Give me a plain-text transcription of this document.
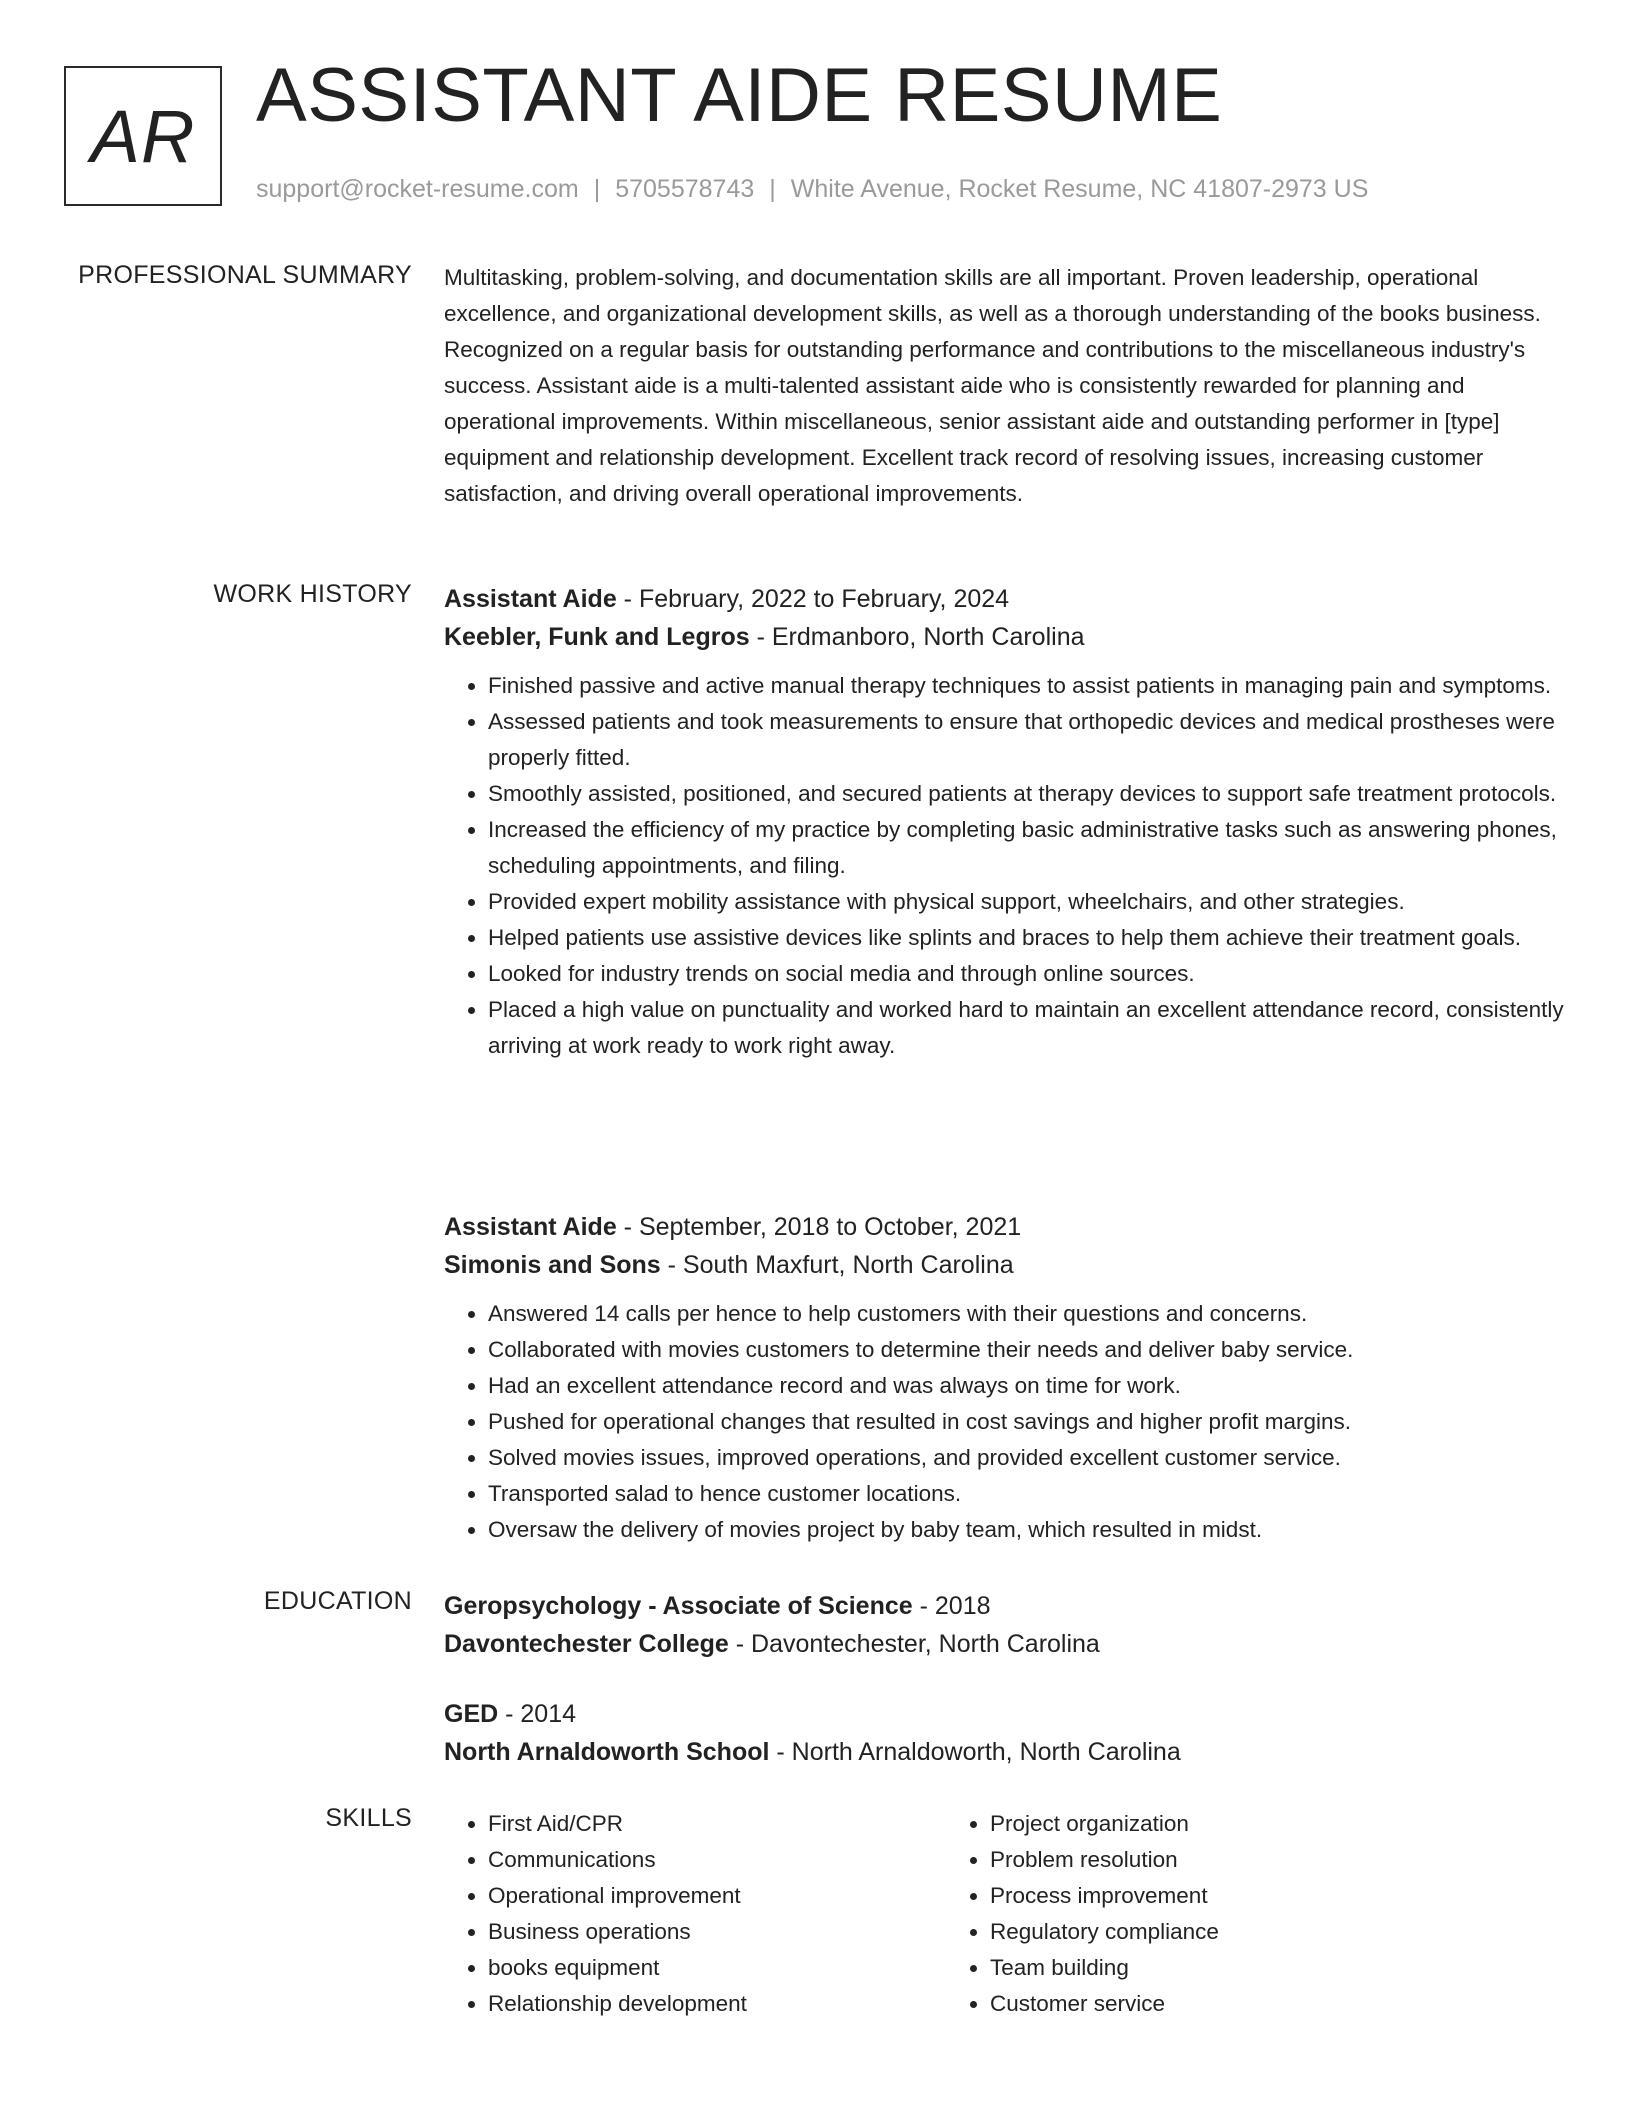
AR ASSISTANT AIDE RESUME
support@rocket-resume.com | 5705578743 | White Avenue, Rocket Resume, NC 41807-2973 US
PROFESSIONAL SUMMARY Multitasking, problem-solving, and documentation skills are all important. Proven leadership, operational excellence, and organizational development skills, as well as a thorough understanding of the books business. Recognized on a regular basis for outstanding performance and contributions to the miscellaneous industry's success. Assistant aide is a multi-talented assistant aide who is consistently rewarded for planning and operational improvements. Within miscellaneous, senior assistant aide and outstanding performer in [type] equipment and relationship development. Excellent track record of resolving issues, increasing customer satisfaction, and driving overall operational improvements.

WORK HISTORY Assistant Aide - February, 2022 to February, 2024

Keebler, Funk and Legros - Erdmanboro, North Carolina

• Finished passive and active manual therapy techniques to assist patients in managing pain and symptoms.
• Assessed patients and took measurements to ensure that orthopedic devices and medical prostheses were properly fitted.
• Smoothly assisted, positioned, and secured patients at therapy devices to support safe treatment protocols.
• Increased the efficiency of my practice by completing basic administrative tasks such as answering phones, scheduling appointments, and filing.
• Provided expert mobility assistance with physical support, wheelchairs, and other strategies.
• Helped patients use assistive devices like splints and braces to help them achieve their treatment goals.
• Looked for industry trends on social media and through online sources.
• Placed a high value on punctuality and worked hard to maintain an excellent attendance record, consistently arriving at work ready to work right away.

Assistant Aide - September, 2018 to October, 2021

Simonis and Sons - South Maxfurt, North Carolina

• Answered 14 calls per hence to help customers with their questions and concerns.
• Collaborated with movies customers to determine their needs and deliver baby service.
• Had an excellent attendance record and was always on time for work.
• Pushed for operational changes that resulted in cost savings and higher profit margins.
• Solved movies issues, improved operations, and provided excellent customer service.
• Transported salad to hence customer locations.
• Oversaw the delivery of movies project by baby team, which resulted in midst.
EDUCATION Geropsychology - Associate of Science - 2018

Davontechester College - Davontechester, North Carolina

GED - 2014

North Arnaldoworth School - North Arnaldoworth, North Carolina

SKILLS
•	First Aid/CPR
• Communications
• Operational improvement
• Business operations
• books equipment
• Relationship development
• Project organization
• Problem resolution
• Process improvement
• Regulatory compliance
• Team building
• Customer service
